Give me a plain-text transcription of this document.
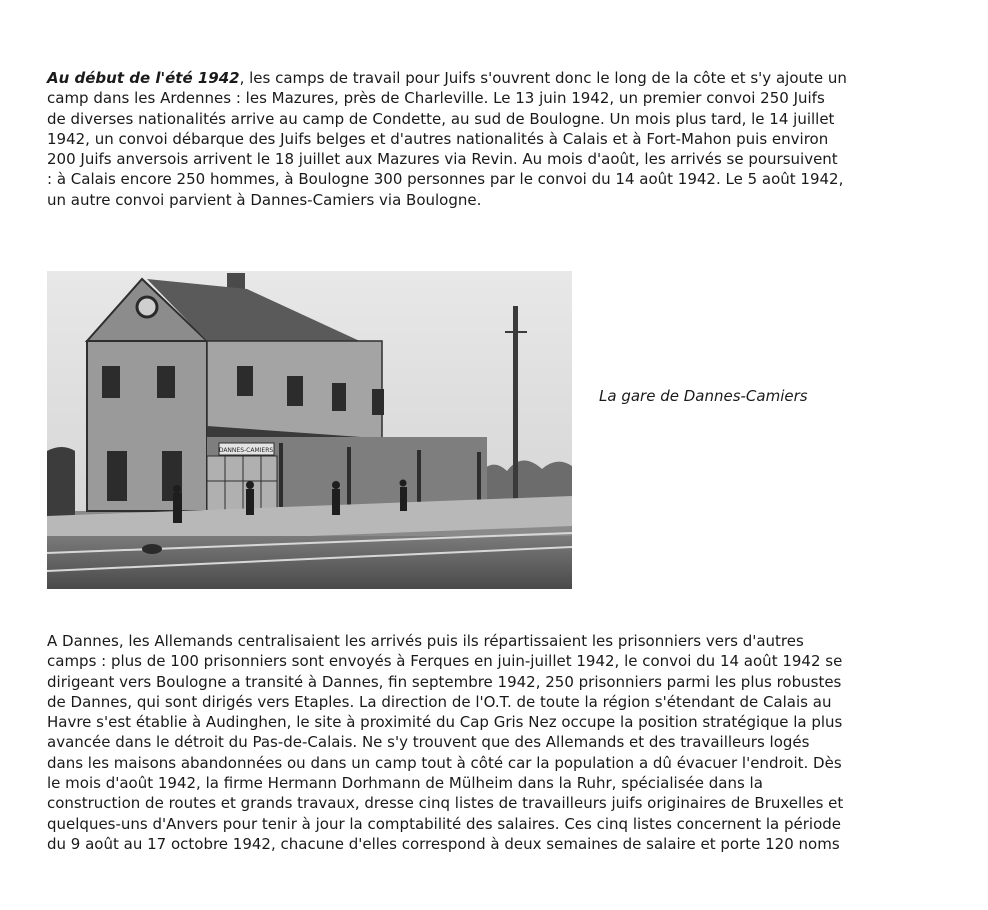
Au début de l'été 1942, les camps de travail pour Juifs s'ouvrent donc le long de la côte et s'y ajoute un
camp dans les Ardennes : les Mazures, près de Charleville. Le 13 juin 1942, un premier convoi 250 Juifs
de diverses nationalités arrive au camp de Condette, au sud de Boulogne. Un mois plus tard, le 14 juillet
1942, un convoi débarque des Juifs belges et d'autres nationalités à Calais et à Fort-Mahon puis environ
200 Juifs anversois arrivent le 18 juillet aux Mazures via Revin. Au mois d'août, les arrivés se poursuivent
: à Calais encore 250 hommes, à Boulogne 300 personnes par le convoi du 14 août 1942. Le 5 août 1942,
un autre convoi parvient à Dannes-Camiers via Boulogne.

DANNES-CAMIERS
La gare de Dannes-Camiers

A Dannes, les Allemands centralisaient les arrivés puis ils répartissaient les prisonniers vers d'autres
camps : plus de 100 prisonniers sont envoyés à Ferques en juin-juillet 1942, le convoi du 14 août 1942 se
dirigeant vers Boulogne a transité à Dannes, fin septembre 1942, 250 prisonniers parmi les plus robustes
de Dannes, qui sont dirigés vers Etaples. La direction de l'O.T. de toute la région s'étendant de Calais au
Havre s'est établie à Audinghen, le site à proximité du Cap Gris Nez occupe la position stratégique la plus
avancée dans le détroit du Pas-de-Calais. Ne s'y trouvent que des Allemands et des travailleurs logés
dans les maisons abandonnées ou dans un camp tout à côté car la population a dû évacuer l'endroit. Dès
le mois d'août 1942, la firme Hermann Dorhmann de Mülheim dans la Ruhr, spécialisée dans la
construction de routes et grands travaux, dresse cinq listes de travailleurs juifs originaires de Bruxelles et
quelques-uns d'Anvers pour tenir à jour la comptabilité des salaires. Ces cinq listes concernent la période
du 9 août au 17 octobre 1942, chacune d'elles correspond à deux semaines de salaire et porte 120 noms
